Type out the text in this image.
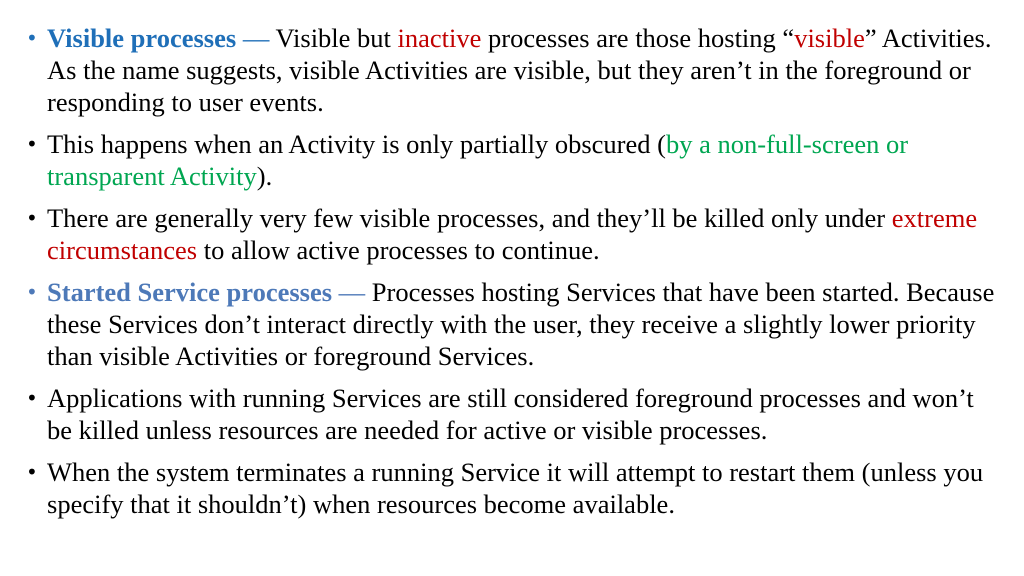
• Visible processes — Visible but inactive processes are those hosting “visible” Activities. As the name suggests, visible Activities are visible, but they aren’t in the foreground or responding to user events.
• This happens when an Activity is only partially obscured (by a non-full-screen or transparent Activity).
• There are generally very few visible processes, and they’ll be killed only under extreme circumstances to allow active processes to continue.
• Started Service processes — Processes hosting Services that have been started. Because these Services don’t interact directly with the user, they receive a slightly lower priority than visible Activities or foreground Services.
• Applications with running Services are still considered foreground processes and won’t be killed unless resources are needed for active or visible processes.
• When the system terminates a running Service it will attempt to restart them (unless you specify that it shouldn’t) when resources become available.
